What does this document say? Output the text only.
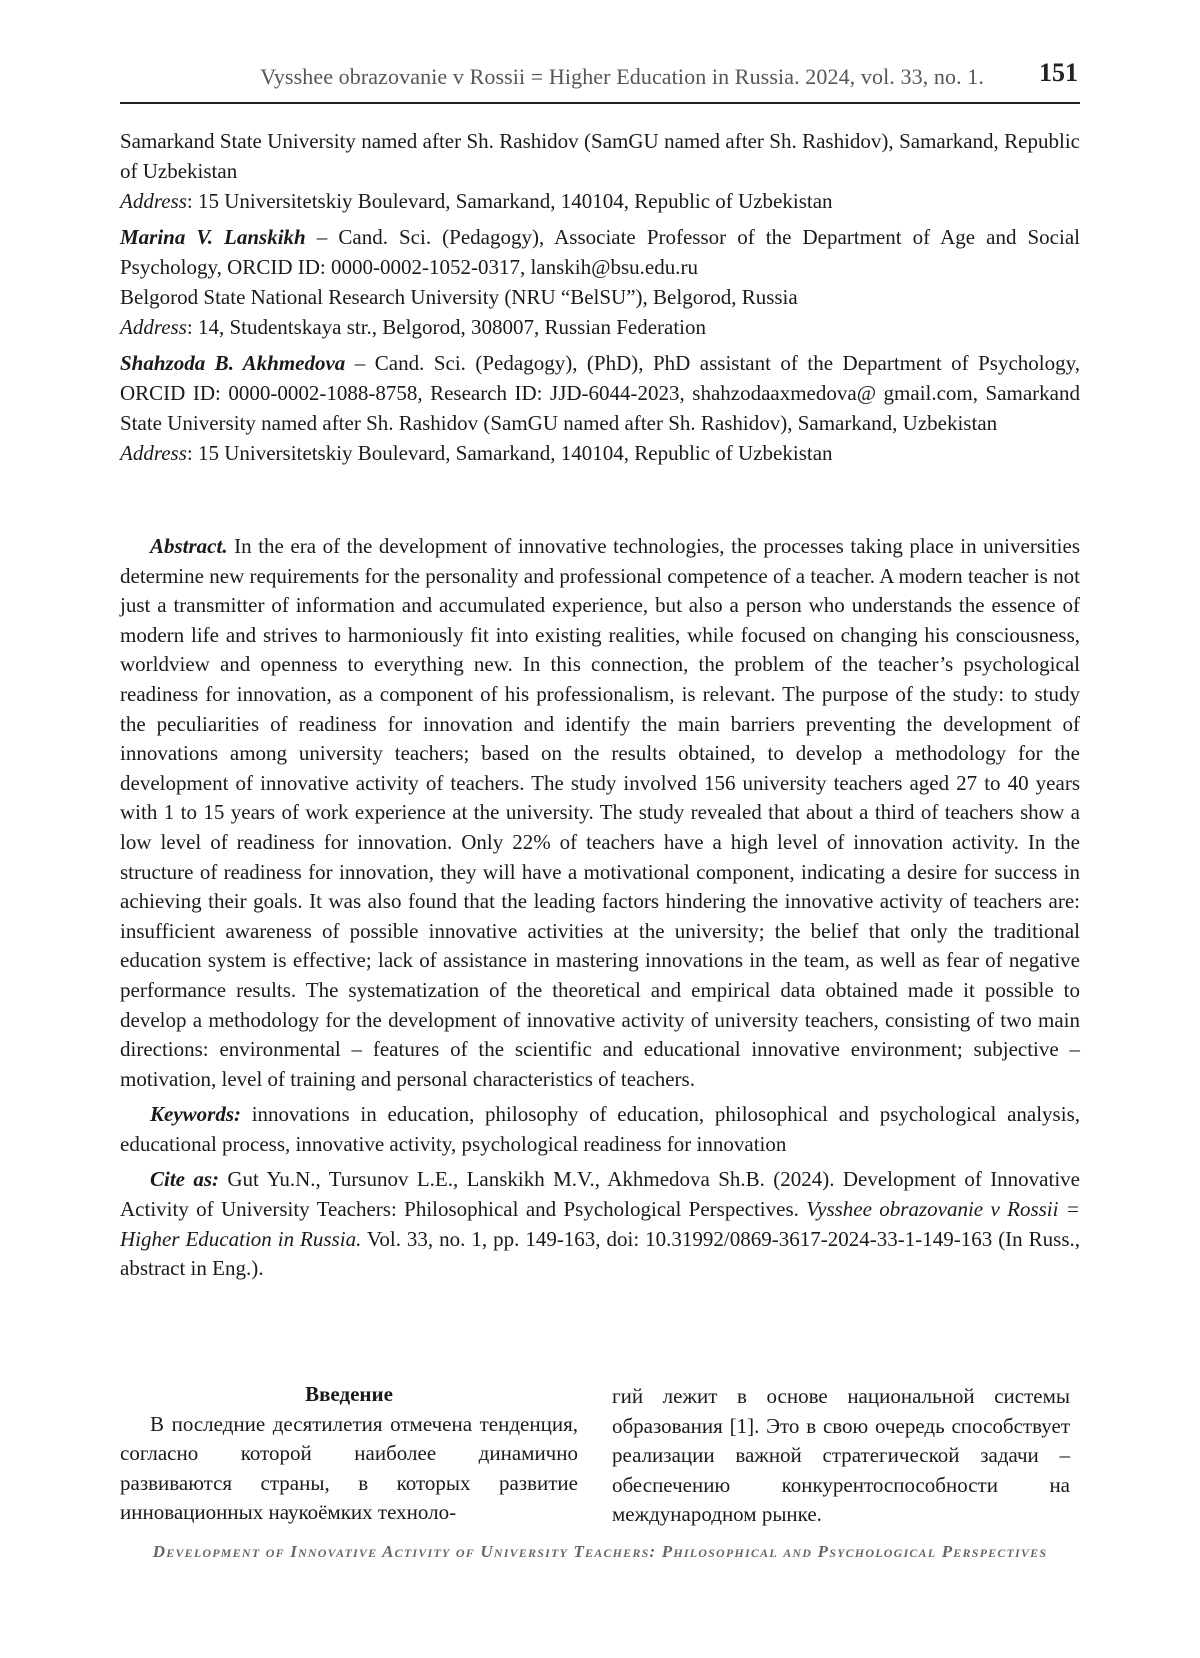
Vysshee obrazovanie v Rossii = Higher Education in Russia. 2024, vol. 33, no. 1. 151

Samarkand State University named after Sh. Rashidov (SamGU named after Sh. Rashidov), Samarkand, Republic of Uzbekistan

Address: 15 Universitetskiy Boulevard, Samarkand, 140104, Republic of Uzbekistan

Marina V. Lanskikh – Cand. Sci. (Pedagogy), Associate Professor of the Department of Age and Social Psychology, ORCID ID: 0000-0002-1052-0317, lanskih@bsu.edu.ru

Belgorod State National Research University (NRU “BelSU”), Belgorod, Russia

Address: 14, Studentskaya str., Belgorod, 308007, Russian Federation

Shahzoda B. Akhmedova – Cand. Sci. (Pedagogy), (PhD), PhD assistant of the Department of Psychology, ORCID ID: 0000-0002-1088-8758, Research ID: JJD-6044-2023, shahzodaaxmedova@ gmail.com, Samarkand State University named after Sh. Rashidov (SamGU named after Sh. Rashidov), Samarkand, Uzbekistan

Address: 15 Universitetskiy Boulevard, Samarkand, 140104, Republic of Uzbekistan

Abstract. In the era of the development of innovative technologies, the processes taking place in universities determine new requirements for the personality and professional competence of a teacher. A modern teacher is not just a transmitter of information and accumulated experience, but also a person who understands the essence of modern life and strives to harmoniously fit into existing realities, while focused on changing his consciousness, worldview and openness to everything new. In this connection, the problem of the teacher’s psychological readiness for innovation, as a component of his professionalism, is relevant. The purpose of the study: to study the peculiarities of readiness for innovation and identify the main barriers preventing the development of innovations among university teachers; based on the results obtained, to develop a methodology for the development of innovative activity of teachers. The study involved 156 university teachers aged 27 to 40 years with 1 to 15 years of work experience at the university. The study revealed that about a third of teachers show a low level of readiness for innovation. Only 22% of teachers have a high level of innovation activity. In the structure of readiness for innovation, they will have a motivational component, indicating a desire for success in achieving their goals. It was also found that the leading factors hindering the innovative activity of teachers are: insufficient awareness of possible innovative activities at the university; the belief that only the traditional education system is effective; lack of assistance in mastering innovations in the team, as well as fear of negative performance results. The systematization of the theoretical and empirical data obtained made it possible to develop a methodology for the development of innovative activity of university teachers, consisting of two main directions: environmental – features of the scientific and educational innovative environment; subjective – motivation, level of training and personal characteristics of teachers.

Keywords: innovations in education, philosophy of education, philosophical and psychological analysis, educational process, innovative activity, psychological readiness for innovation

Cite as: Gut Yu.N., Tursunov L.E., Lanskikh M.V., Akhmedova Sh.B. (2024). Development of Innovative Activity of University Teachers: Philosophical and Psychological Perspectives. Vysshee obrazovanie v Rossii = Higher Education in Russia. Vol. 33, no. 1, pp. 149-163, doi: 10.31992/0869-3617-2024-33-1-149-163 (In Russ., abstract in Eng.).

Введение

В последние десятилетия отмечена тенденция, согласно которой наиболее динамично развиваются страны, в которых развитие инновационных наукоёмких техноло-

гий лежит в основе национальной системы образования [1]. Это в свою очередь способствует реализации важной стратегической задачи – обеспечению конкурентоспособности на международном рынке.

Development of Innovative Activity of University Teachers: Philosophical and Psychological Perspectives
